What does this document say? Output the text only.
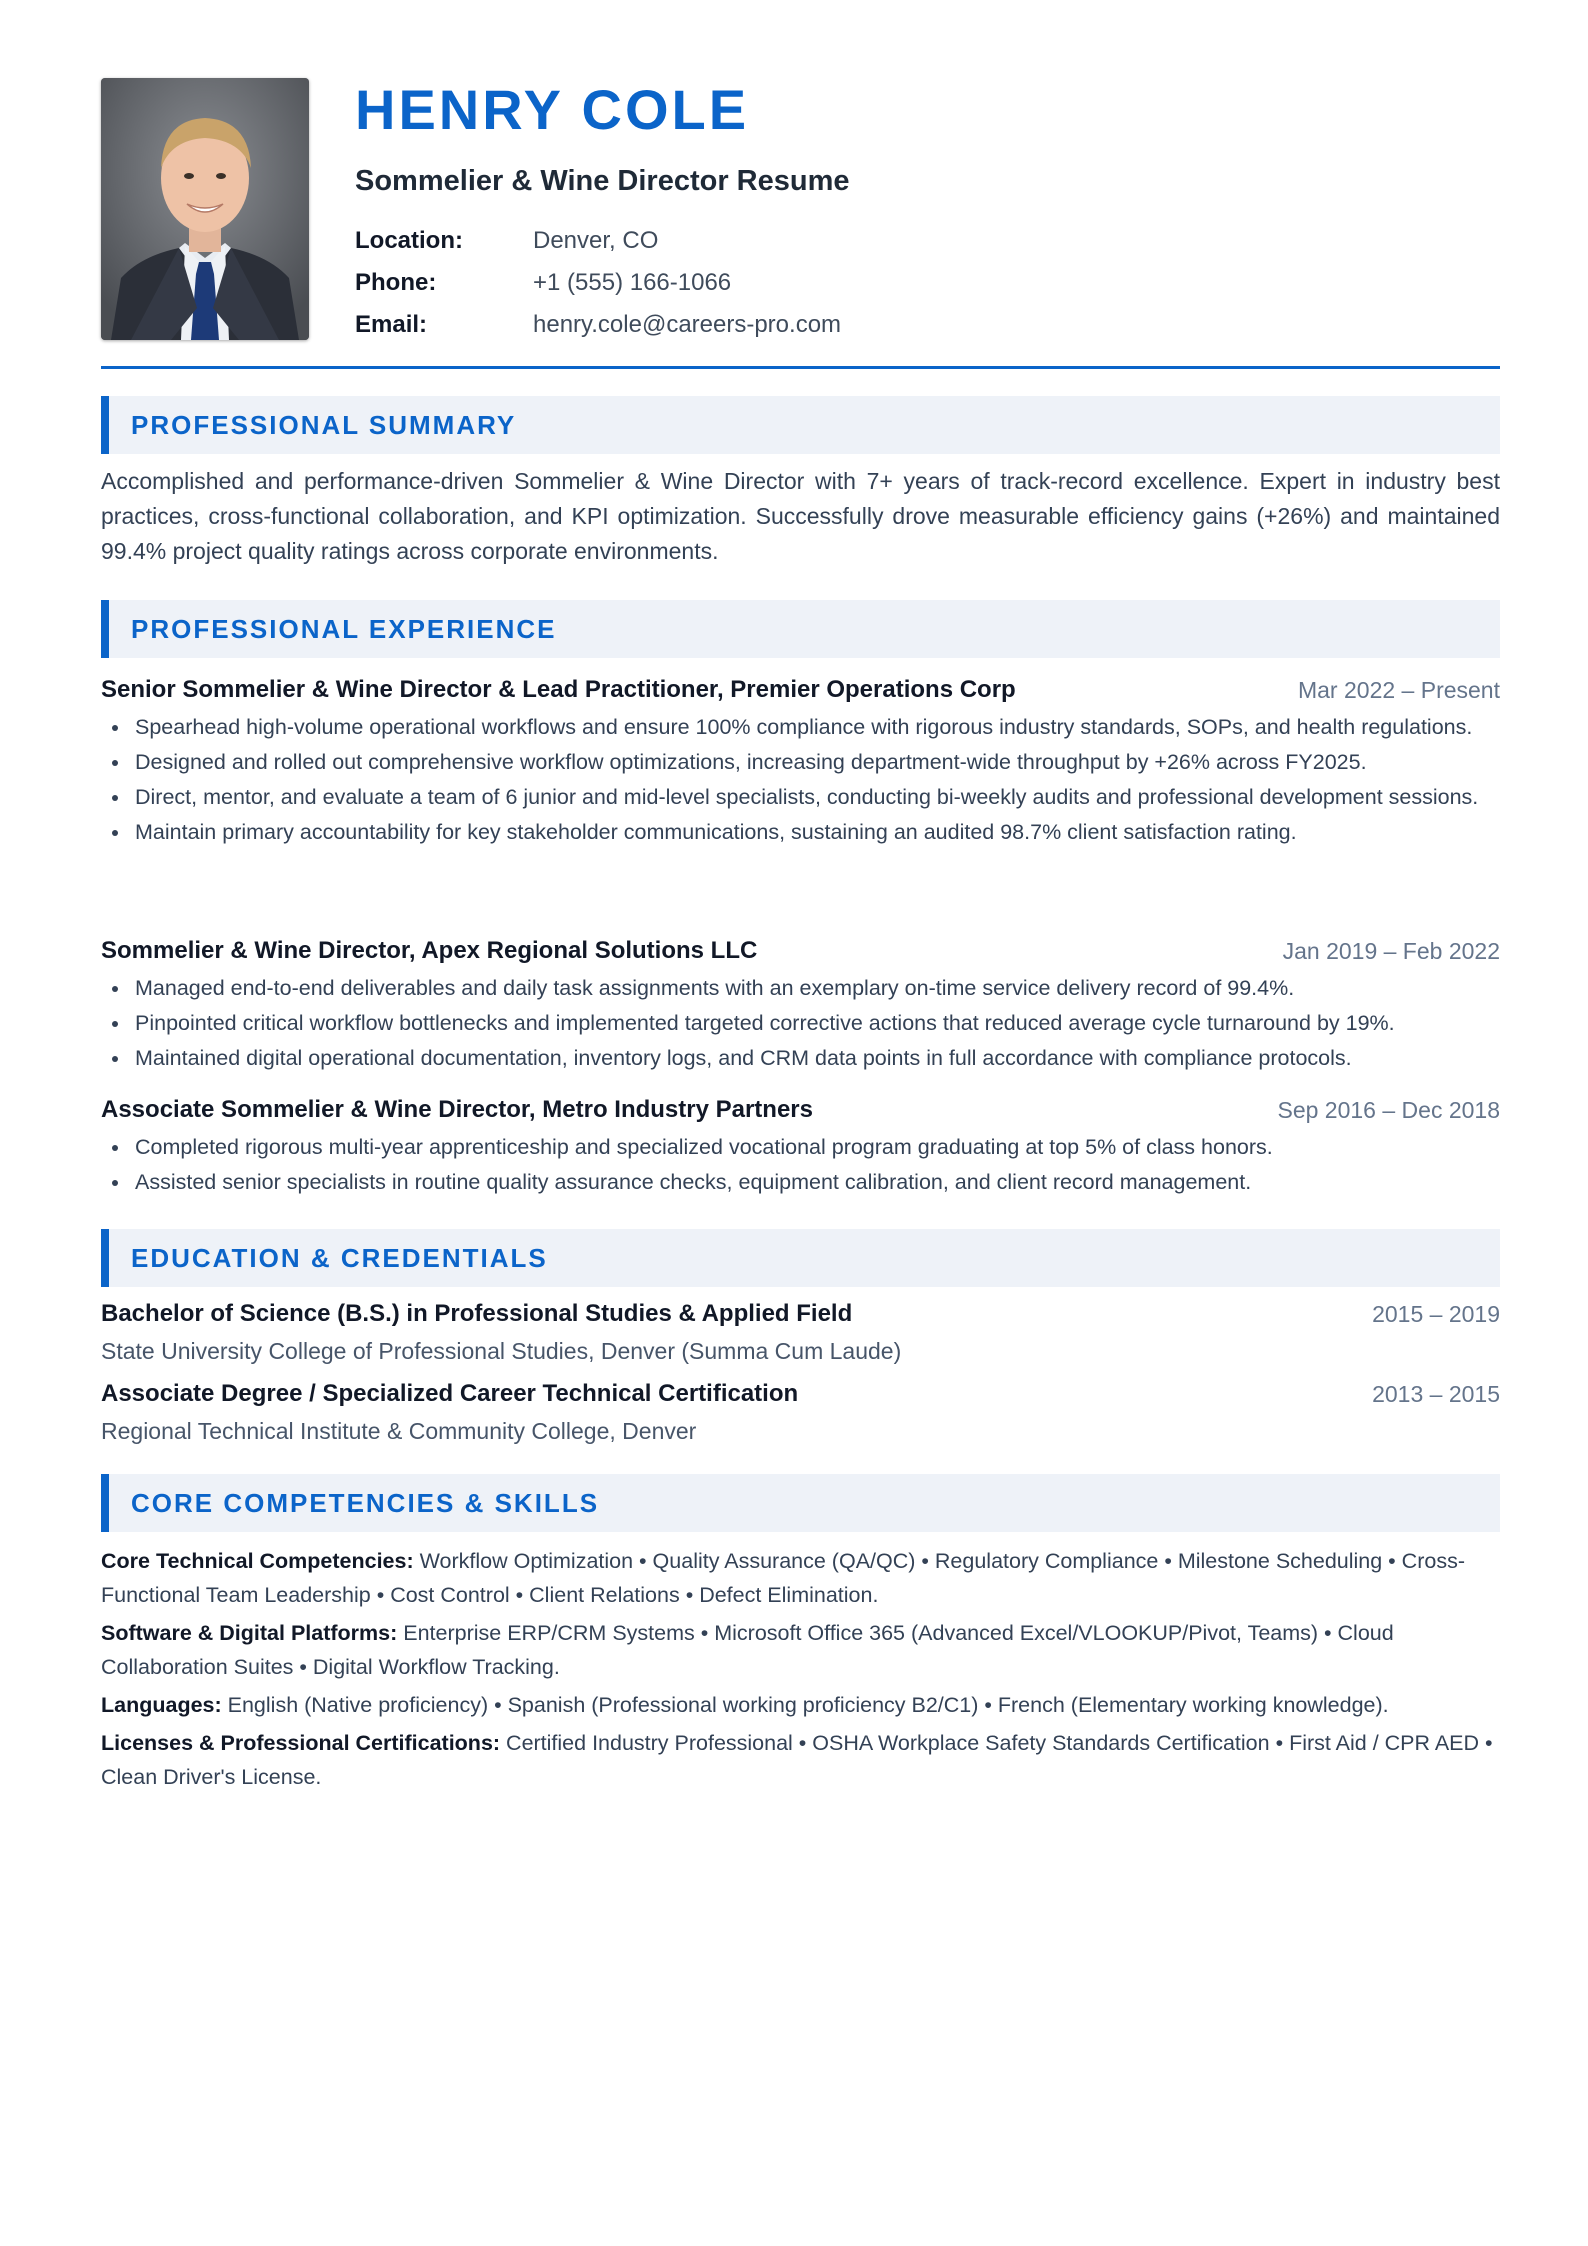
HENRY COLE
Sommelier & Wine Director Resume
Location:	Denver, CO
Phone:	+1 (555) 166-1066
Email:	henry.cole@careers-pro.com
PROFESSIONAL SUMMARY

Accomplished and performance-driven Sommelier & Wine Director with 7+ years of track-record excellence. Expert in industry best practices, cross-functional collaboration, and KPI optimization. Successfully drove measurable efficiency gains (+26%) and maintained 99.4% project quality ratings across corporate environments.

PROFESSIONAL EXPERIENCE
Senior Sommelier & Wine Director & Lead Practitioner, Premier Operations Corp	Mar 2022 – Present
Spearhead high-volume operational workflows and ensure 100% compliance with rigorous industry standards, SOPs, and health regulations.
Designed and rolled out comprehensive workflow optimizations, increasing department-wide throughput by +26% across FY2025.
Direct, mentor, and evaluate a team of 6 junior and mid-level specialists, conducting bi-weekly audits and professional development sessions.
Maintain primary accountability for key stakeholder communications, sustaining an audited 98.7% client satisfaction rating.
Sommelier & Wine Director, Apex Regional Solutions LLC	Jan 2019 – Feb 2022
Managed end-to-end deliverables and daily task assignments with an exemplary on-time service delivery record of 99.4%.
Pinpointed critical workflow bottlenecks and implemented targeted corrective actions that reduced average cycle turnaround by 19%.
Maintained digital operational documentation, inventory logs, and CRM data points in full accordance with compliance protocols.
Associate Sommelier & Wine Director, Metro Industry Partners	Sep 2016 – Dec 2018
Completed rigorous multi-year apprenticeship and specialized vocational program graduating at top 5% of class honors.
Assisted senior specialists in routine quality assurance checks, equipment calibration, and client record management.
EDUCATION & CREDENTIALS
Bachelor of Science (B.S.) in Professional Studies & Applied Field	2015 – 2019
State University College of Professional Studies, Denver (Summa Cum Laude)
Associate Degree / Specialized Career Technical Certification	2013 – 2015
Regional Technical Institute & Community College, Denver
CORE COMPETENCIES & SKILLS
Core Technical Competencies: Workflow Optimization • Quality Assurance (QA/QC) • Regulatory Compliance • Milestone Scheduling • Cross-Functional Team Leadership • Cost Control • Client Relations • Defect Elimination.
Software & Digital Platforms: Enterprise ERP/CRM Systems • Microsoft Office 365 (Advanced Excel/VLOOKUP/Pivot, Teams) • Cloud Collaboration Suites • Digital Workflow Tracking.
Languages: English (Native proficiency) • Spanish (Professional working proficiency B2/C1) • French (Elementary working knowledge).
Licenses & Professional Certifications: Certified Industry Professional • OSHA Workplace Safety Standards Certification • First Aid / CPR AED • Clean Driver's License.
